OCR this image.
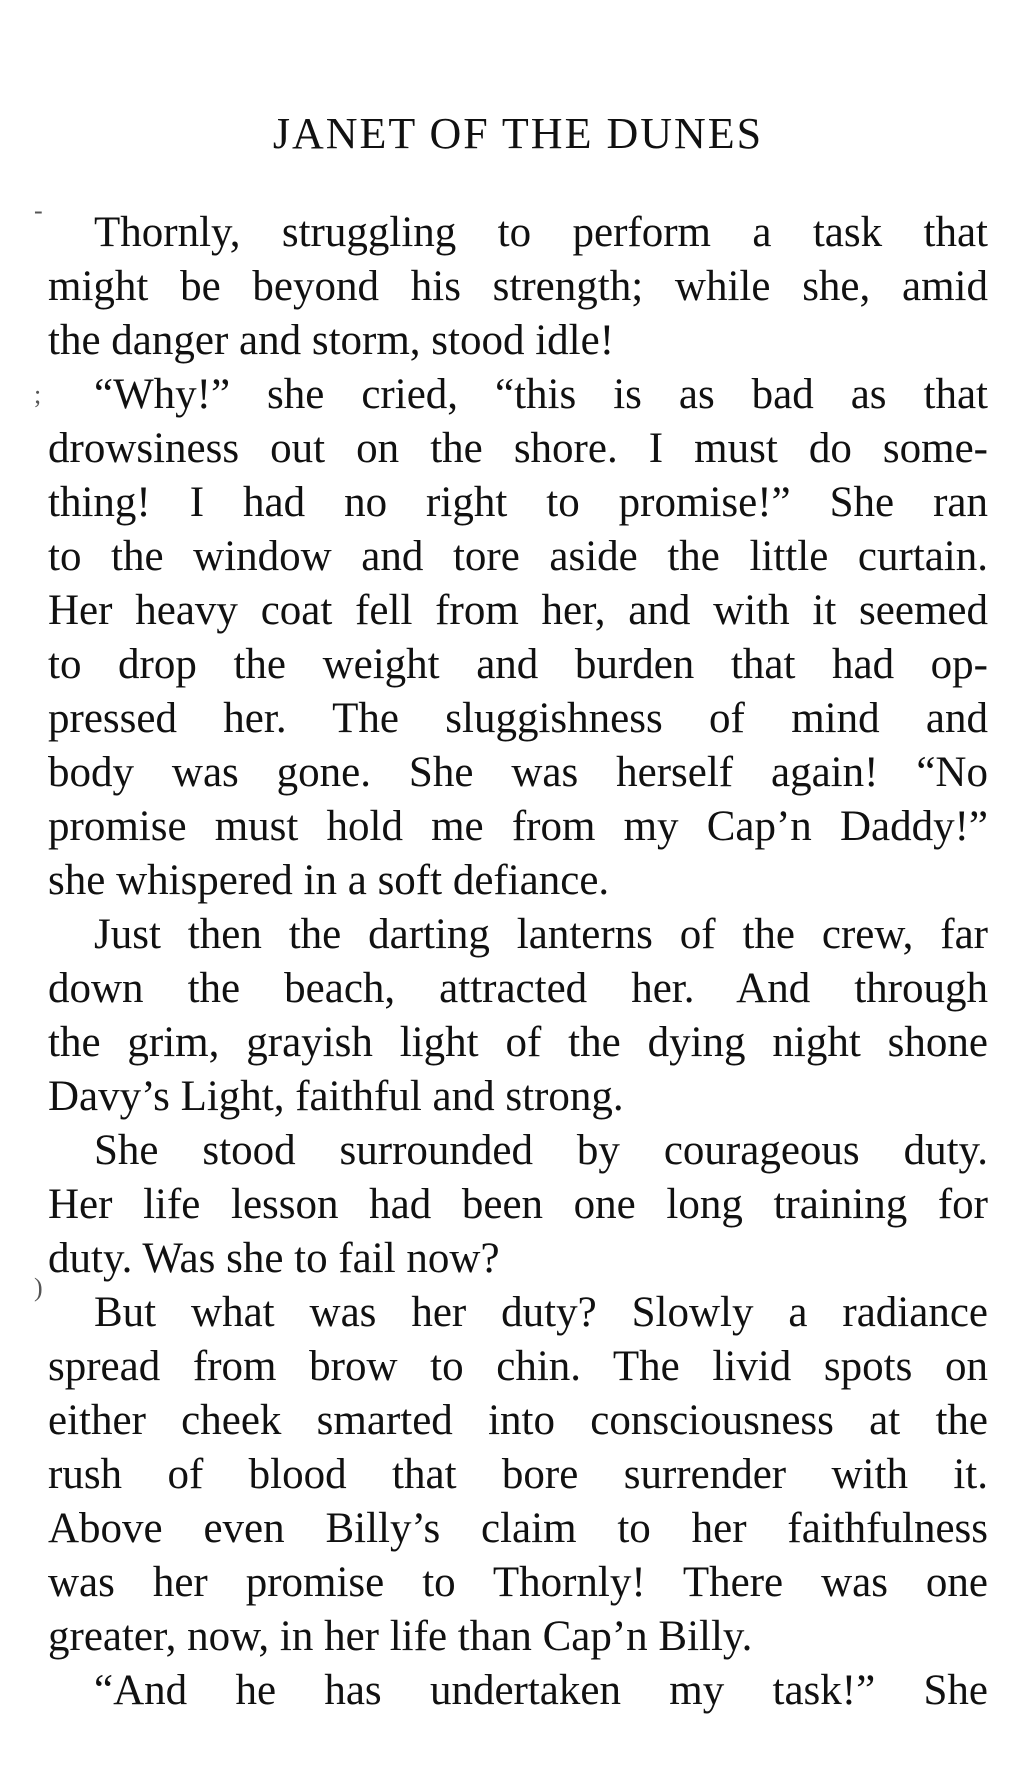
JANET OF THE DUNES
-
;
)
Thornly, struggling to perform a task that
might be beyond his strength; while she, amid
the danger and storm, stood idle!
“Why!” she cried, “this is as bad as that
drowsiness out on the shore. I must do some-
thing! I had no right to promise!” She ran
to the window and tore aside the little curtain.
Her heavy coat fell from her, and with it seemed
to drop the weight and burden that had op-
pressed her. The sluggishness of mind and
body was gone. She was herself again! “No
promise must hold me from my Cap’n Daddy!”
she whispered in a soft defiance.
Just then the darting lanterns of the crew, far
down the beach, attracted her. And through
the grim, grayish light of the dying night shone
Davy’s Light, faithful and strong.
She stood surrounded by courageous duty.
Her life lesson had been one long training for
duty. Was she to fail now?
But what was her duty? Slowly a radiance
spread from brow to chin. The livid spots on
either cheek smarted into consciousness at the
rush of blood that bore surrender with it.
Above even Billy’s claim to her faithfulness
was her promise to Thornly! There was one
greater, now, in her life than Cap’n Billy.
“And he has undertaken my task!” She
